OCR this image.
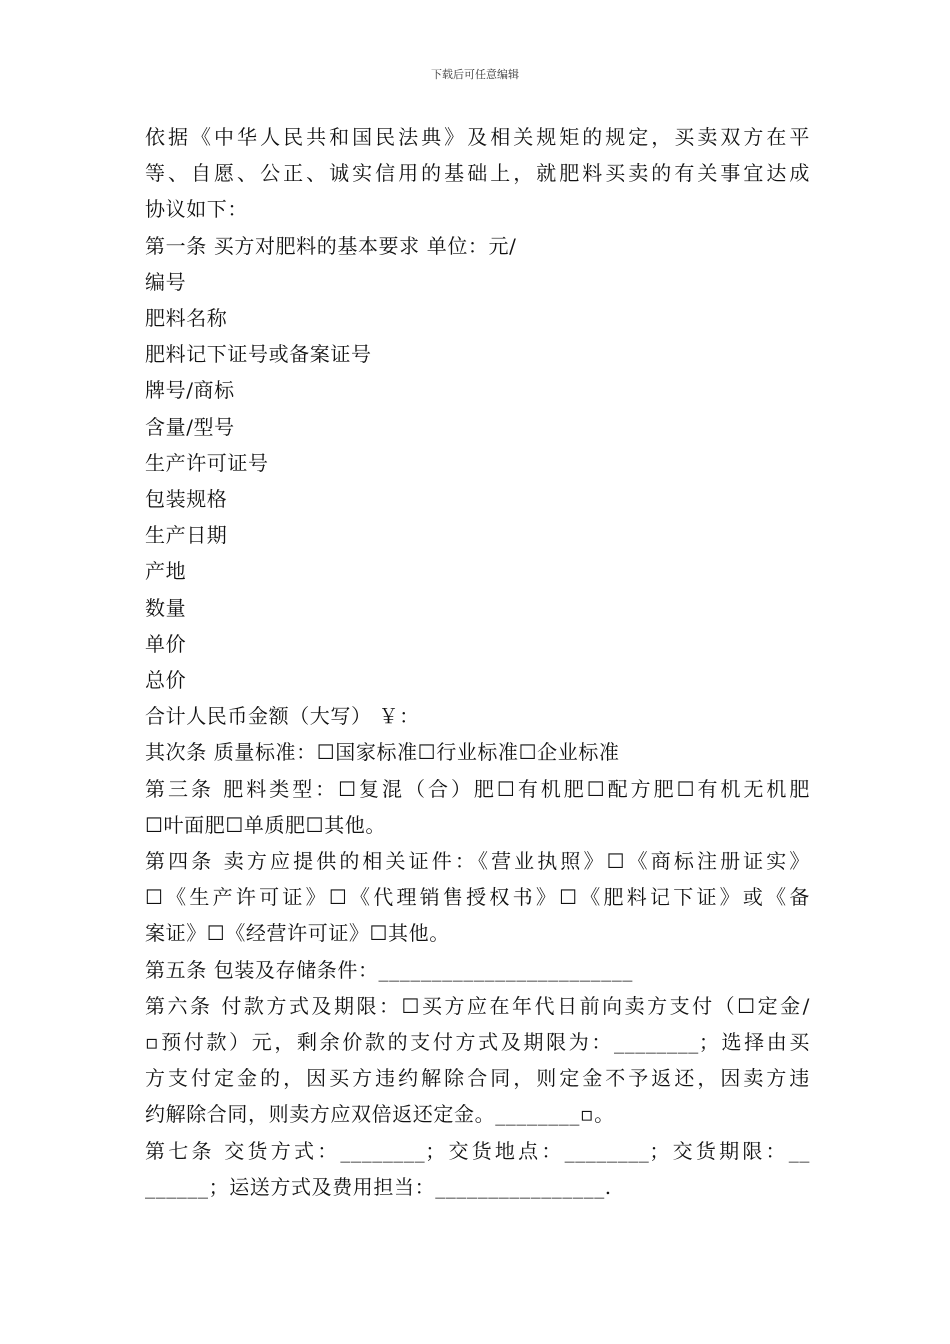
下载后可任意编辑
依据《中华人民共和国民法典》及相关规矩的规定，买卖双方在平
等、自愿、公正、诚实信用的基础上，就肥料买卖的有关事宜达成
协议如下：
第一条 买方对肥料的基本要求 单位：元/
编号
肥料名称
肥料记下证号或备案证号
牌号/商标
含量/型号
生产许可证号
包装规格
生产日期
产地
数量
单价
总价
合计人民币金额（大写） ￥：
其次条 质量标准：☐国家标准☐行业标准☐企业标准
第三条 肥料类型：☐复混（合）肥☐有机肥☐配方肥☐有机无机肥
☐叶面肥☐单质肥☐其他。
第四条 卖方应提供的相关证件：《营业执照》☐《商标注册证实》
☐《生产许可证》☐《代理销售授权书》☐《肥料记下证》或《备
案证》☐《经营许可证》☐其他。
第五条 包装及存储条件：________________________
第六条 付款方式及期限：☐买方应在年代日前向卖方支付（☐定金/
▫预付款）元，剩余价款的支付方式及期限为：________；选择由买
方支付定金的，因买方违约解除合同，则定金不予返还，因卖方违
约解除合同，则卖方应双倍返还定金。________▫。
第七条 交货方式：________；交货地点：________；交货期限：__
______；运送方式及费用担当：________________.
